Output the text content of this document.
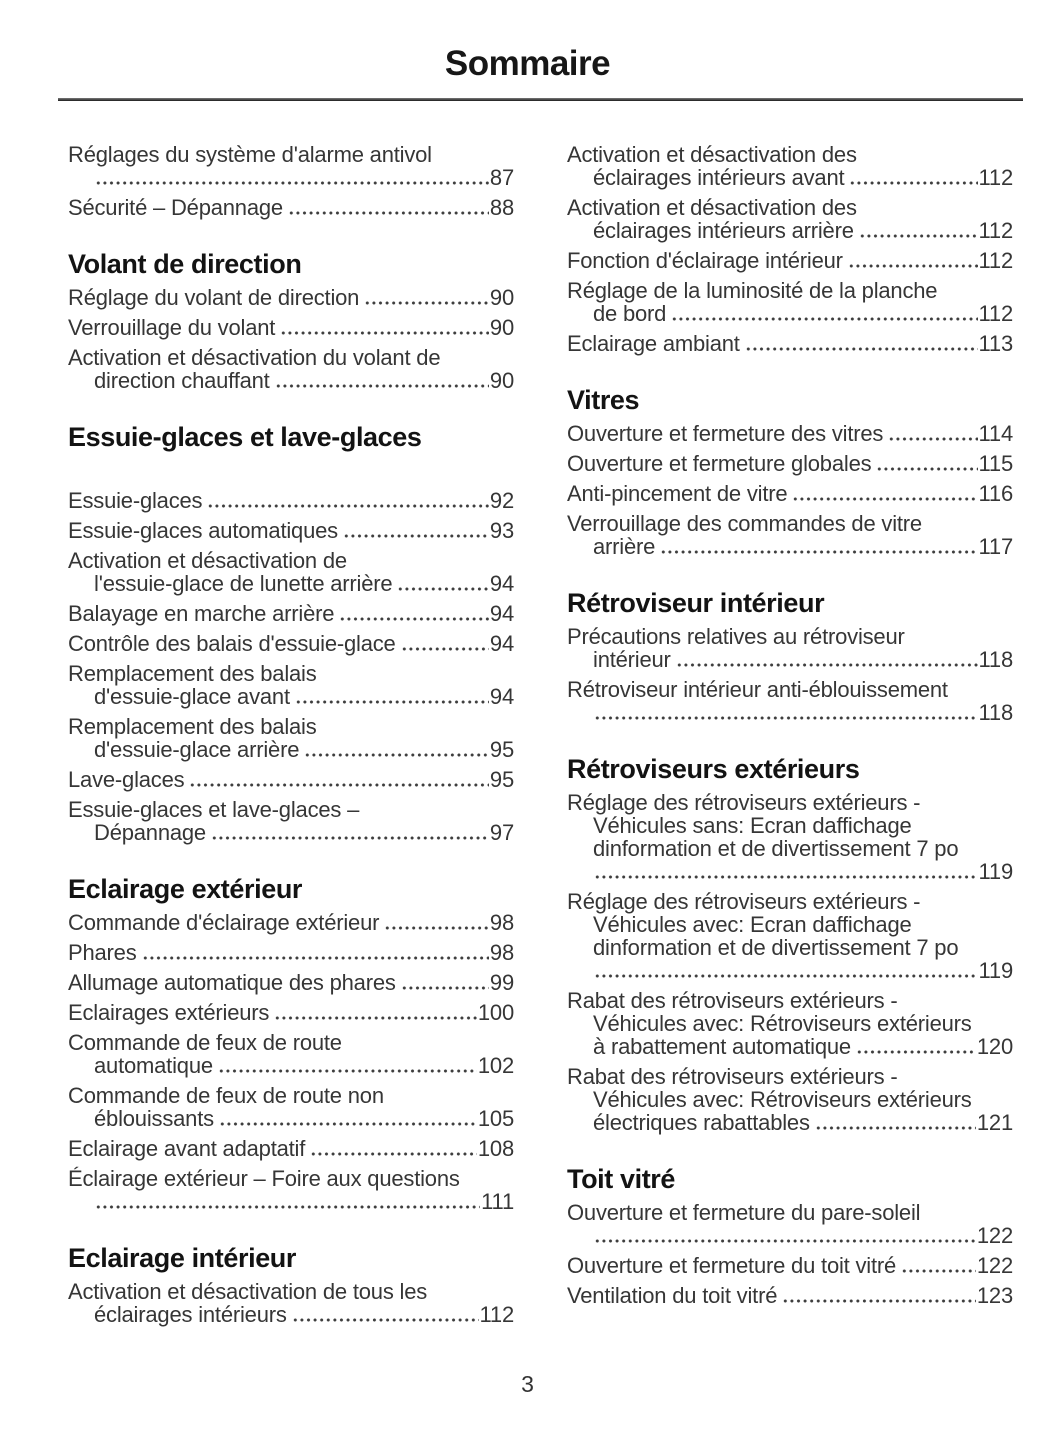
Sommaire
Réglages du système d'alarme antivol
87
Sécurité – Dépannage	88
Volant de direction
Réglage du volant de direction	90
Verrouillage du volant	90
Activation et désactivation du volant de
direction chauffant	90
Essuie-glaces et lave-glaces
Essuie-glaces	92
Essuie-glaces automatiques	93
Activation et désactivation de
l'essuie-glace de lunette arrière	94
Balayage en marche arrière	94
Contrôle des balais d'essuie-glace	94
Remplacement des balais
d'essuie-glace avant	94
Remplacement des balais
d'essuie-glace arrière	95
Lave-glaces	95
Essuie-glaces et lave-glaces –
Dépannage	97
Eclairage extérieur
Commande d'éclairage extérieur	98
Phares	98
Allumage automatique des phares	99
Eclairages extérieurs	100
Commande de feux de route
automatique	102
Commande de feux de route non
éblouissants	105
Eclairage avant adaptatif	108
Éclairage extérieur – Foire aux questions
111
Eclairage intérieur
Activation et désactivation de tous les
éclairages intérieurs	112
Activation et désactivation des
éclairages intérieurs avant	112
Activation et désactivation des
éclairages intérieurs arrière	112
Fonction d'éclairage intérieur	112
Réglage de la luminosité de la planche
de bord	112
Eclairage ambiant	113
Vitres
Ouverture et fermeture des vitres	114
Ouverture et fermeture globales	115
Anti-pincement de vitre	116
Verrouillage des commandes de vitre
arrière	117
Rétroviseur intérieur
Précautions relatives au rétroviseur
intérieur	118
Rétroviseur intérieur anti-éblouissement
118
Rétroviseurs extérieurs
Réglage des rétroviseurs extérieurs -
Véhicules sans: Ecran daffichage
dinformation et de divertissement 7 po
119
Réglage des rétroviseurs extérieurs -
Véhicules avec: Ecran daffichage
dinformation et de divertissement 7 po
119
Rabat des rétroviseurs extérieurs -
Véhicules avec: Rétroviseurs extérieurs
à rabattement automatique	120
Rabat des rétroviseurs extérieurs -
Véhicules avec: Rétroviseurs extérieurs
électriques rabattables	121
Toit vitré
Ouverture et fermeture du pare-soleil
122
Ouverture et fermeture du toit vitré	122
Ventilation du toit vitré	123
3
